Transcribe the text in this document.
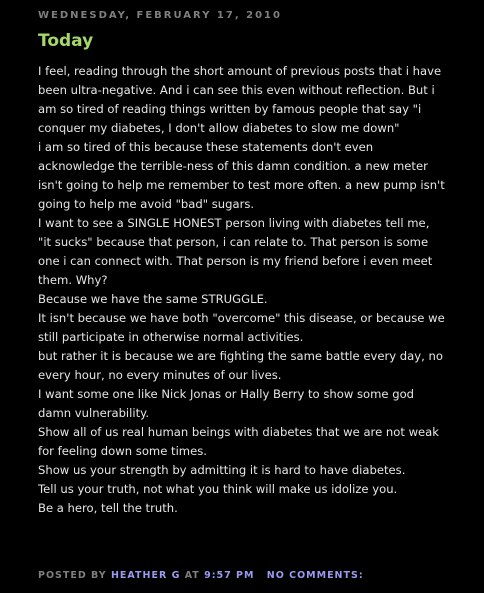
WEDNESDAY, FEBRUARY 17, 2010
Today
I feel, reading through the short amount of previous posts that i have
been ultra-negative. And i can see this even without reflection. But i
am so tired of reading things written by famous people that say "i
conquer my diabetes, I don't allow diabetes to slow me down"
i am so tired of this because these statements don't even
acknowledge the terrible-ness of this damn condition. a new meter
isn't going to help me remember to test more often. a new pump isn't
going to help me avoid "bad" sugars.
I want to see a SINGLE HONEST person living with diabetes tell me,
"it sucks" because that person, i can relate to. That person is some
one i can connect with. That person is my friend before i even meet
them. Why?
Because we have the same STRUGGLE.
It isn't because we have both "overcome" this disease, or because we
still participate in otherwise normal activities.
but rather it is because we are fighting the same battle every day, no
every hour, no every minutes of our lives.
I want some one like Nick Jonas or Hally Berry to show some god
damn vulnerability.
Show all of us real human beings with diabetes that we are not weak
for feeling down some times.
Show us your strength by admitting it is hard to have diabetes.
Tell us your truth, not what you think will make us idolize you.
Be a hero, tell the truth.

POSTED BY HEATHER G AT 9:57 PM NO COMMENTS:
